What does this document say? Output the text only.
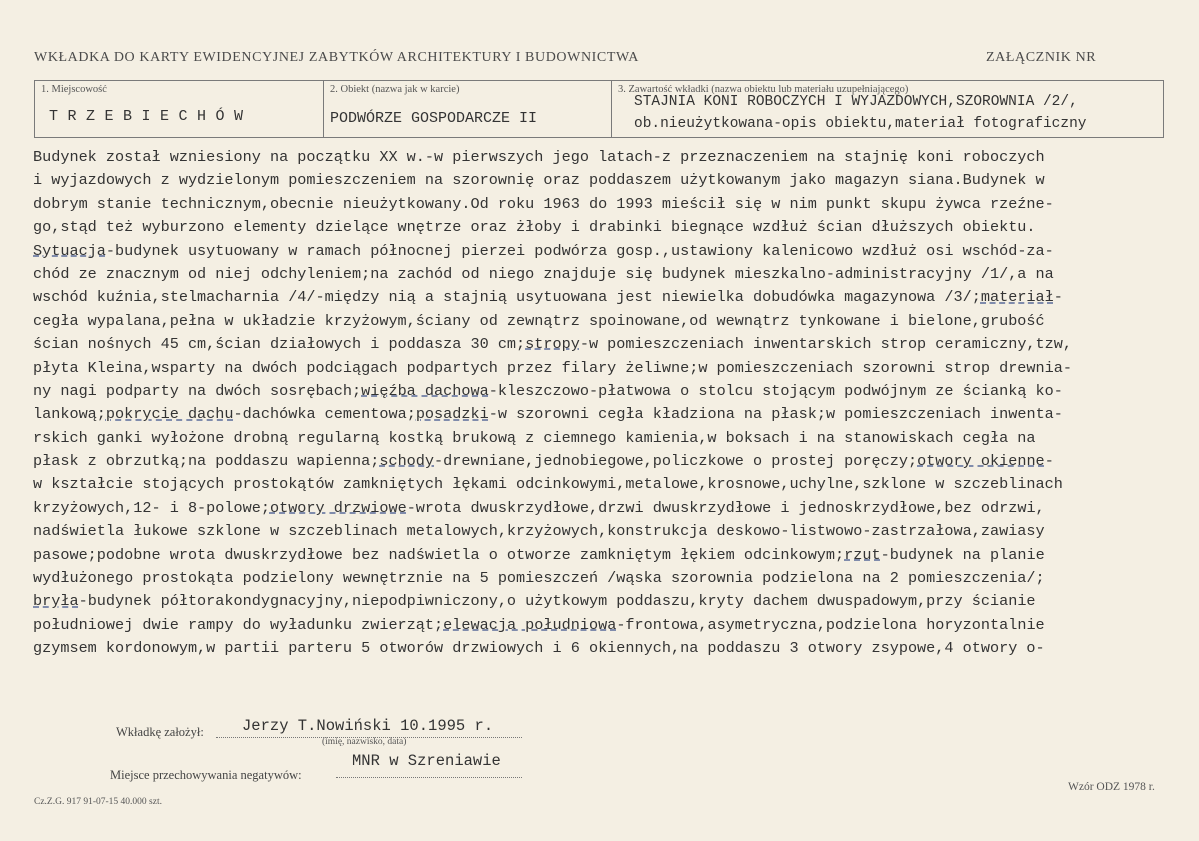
WKŁADKA DO KARTY EWIDENCYJNEJ ZABYTKÓW ARCHITEKTURY I BUDOWNICTWA	ZAŁĄCZNIK NR
1. Miejscowość
TRZEBIECHÓW
2. Obiekt (nazwa jak w karcie)
PODWÓRZE GOSPODARCZE II
3. Zawartość wkładki (nazwa obiektu lub materiału uzupełniającego)
STAJNIA KONI ROBOCZYCH I WYJAZDOWYCH,SZOROWNIA /2/,
ob.nieużytkowana-opis obiektu,materiał fotograficzny
Budynek został wzniesiony na początku XX w.-w pierwszych jego latach-z przeznaczeniem na stajnię koni roboczych
i wyjazdowych z wydzielonym pomieszczeniem na szorownię oraz poddaszem użytkowanym jako magazyn siana.Budynek w
dobrym stanie technicznym,obecnie nieużytkowany.Od roku 1963 do 1993 mieścił się w nim punkt skupu żywca rzeźne-
go,stąd też wyburzono elementy dzielące wnętrze oraz żłoby i drabinki biegnące wzdłuż ścian dłuższych obiektu.
Sytuacja-budynek usytuowany w ramach północnej pierzei podwórza gosp.,ustawiony kalenicowo wzdłuż osi wschód-za-
chód ze znacznym od niej odchyleniem;na zachód od niego znajduje się budynek mieszkalno-administracyjny /1/,a na
wschód kuźnia,stelmacharnia /4/-między nią a stajnią usytuowana jest niewielka dobudówka magazynowa /3/;materiał-
cegła wypalana,pełna w układzie krzyżowym,ściany od zewnątrz spoinowane,od wewnątrz tynkowane i bielone,grubość
ścian nośnych 45 cm,ścian działowych i poddasza 30 cm;stropy-w pomieszczeniach inwentarskich strop ceramiczny,tzw,
płyta Kleina,wsparty na dwóch podciągach podpartych przez filary żeliwne;w pomieszczeniach szorowni strop drewnia-
ny nagi podparty na dwóch sosrębach;więźba dachowa-kleszczowo-płatwowa o stolcu stojącym podwójnym ze ścianką ko-
lankową;pokrycie dachu-dachówka cementowa;posadzki-w szorowni cegła kładziona na płask;w pomieszczeniach inwenta-
rskich ganki wyłożone drobną regularną kostką brukową z ciemnego kamienia,w boksach i na stanowiskach cegła na
płask z obrzutką;na poddaszu wapienna;schody-drewniane,jednobiegowe,policzkowe o prostej poręczy;otwory okienne-
w kształcie stojących prostokątów zamkniętych łękami odcinkowymi,metalowe,krosnowe,uchylne,szklone w szczeblinach
krzyżowych,12- i 8-polowe;otwory drzwiowe-wrota dwuskrzydłowe,drzwi dwuskrzydłowe i jednoskrzydłowe,bez odrzwi,
nadświetla łukowe szklone w szczeblinach metalowych,krzyżowych,konstrukcja deskowo-listwowo-zastrzałowa,zawiasy
pasowe;podobne wrota dwuskrzydłowe bez nadświetla o otworze zamkniętym łękiem odcinkowym;rzut-budynek na planie
wydłużonego prostokąta podzielony wewnętrznie na 5 pomieszczeń /wąska szorownia podzielona na 2 pomieszczenia/;
bryła-budynek półtorakondygnacyjny,niepodpiwniczony,o użytkowym poddaszu,kryty dachem dwuspadowym,przy ścianie
południowej dwie rampy do wyładunku zwierząt;elewacja południowa-frontowa,asymetryczna,podzielona horyzontalnie
gzymsem kordonowym,w partii parteru 5 otworów drzwiowych i 6 okiennych,na poddaszu 3 otwory zsypowe,4 otwory o-
Wkładkę założył: Jerzy T.Nowiński 10.1995 r.
(imię, nazwisko, data)
Miejsce przechowywania negatywów:
MNR w Szreniawie
Wzór ODZ 1978 r.
Cz.Z.G. 917 91-07-15 40.000 szt.
